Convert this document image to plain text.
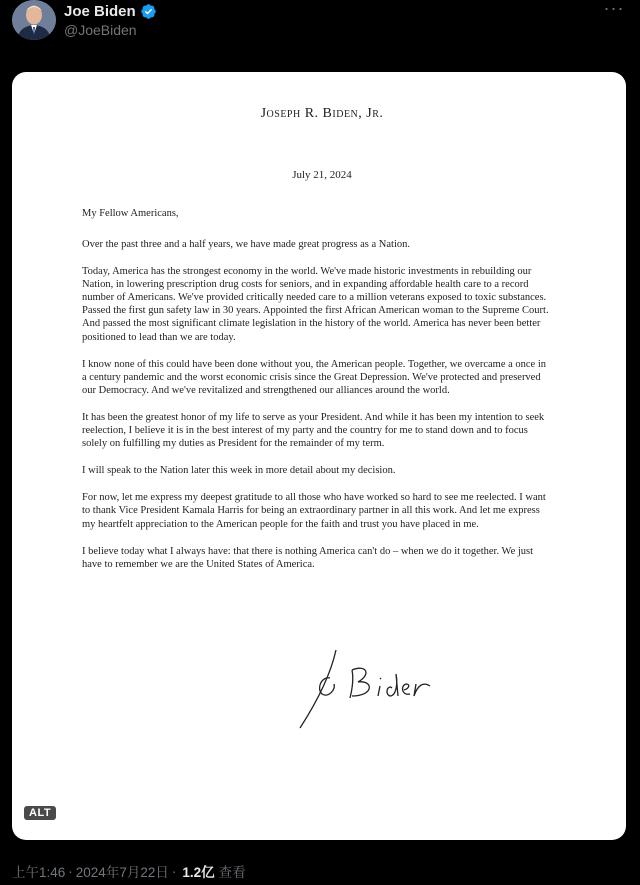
Joe Biden
@JoeBiden
···
Joseph R. Biden, Jr.
July 21, 2024
My Fellow Americans,

Over the past three and a half years, we have made great progress as a Nation.

Today, America has the strongest economy in the world. We've made historic investments in rebuilding our Nation, in lowering prescription drug costs for seniors, and in expanding affordable health care to a record number of Americans. We've provided critically needed care to a million veterans exposed to toxic substances. Passed the first gun safety law in 30 years. Appointed the first African American woman to the Supreme Court. And passed the most significant climate legislation in the history of the world. America has never been better positioned to lead than we are today.

I know none of this could have been done without you, the American people. Together, we overcame a once in a century pandemic and the worst economic crisis since the Great Depression. We've protected and preserved our Democracy. And we've revitalized and strengthened our alliances around the world.

It has been the greatest honor of my life to serve as your President. And while it has been my intention to seek reelection, I believe it is in the best interest of my party and the country for me to stand down and to focus solely on fulfilling my duties as President for the remainder of my term.

I will speak to the Nation later this week in more detail about my decision.

For now, let me express my deepest gratitude to all those who have worked so hard to see me reelected. I want to thank Vice President Kamala Harris for being an extraordinary partner in all this work. And let me express my heartfelt appreciation to the American people for the faith and trust you have placed in me.

I believe today what I always have: that there is nothing America can't do – when we do it together. We just have to remember we are the United States of America.

ALT
上午1:46 · 2024年7月22日 · 1.2亿 查看
